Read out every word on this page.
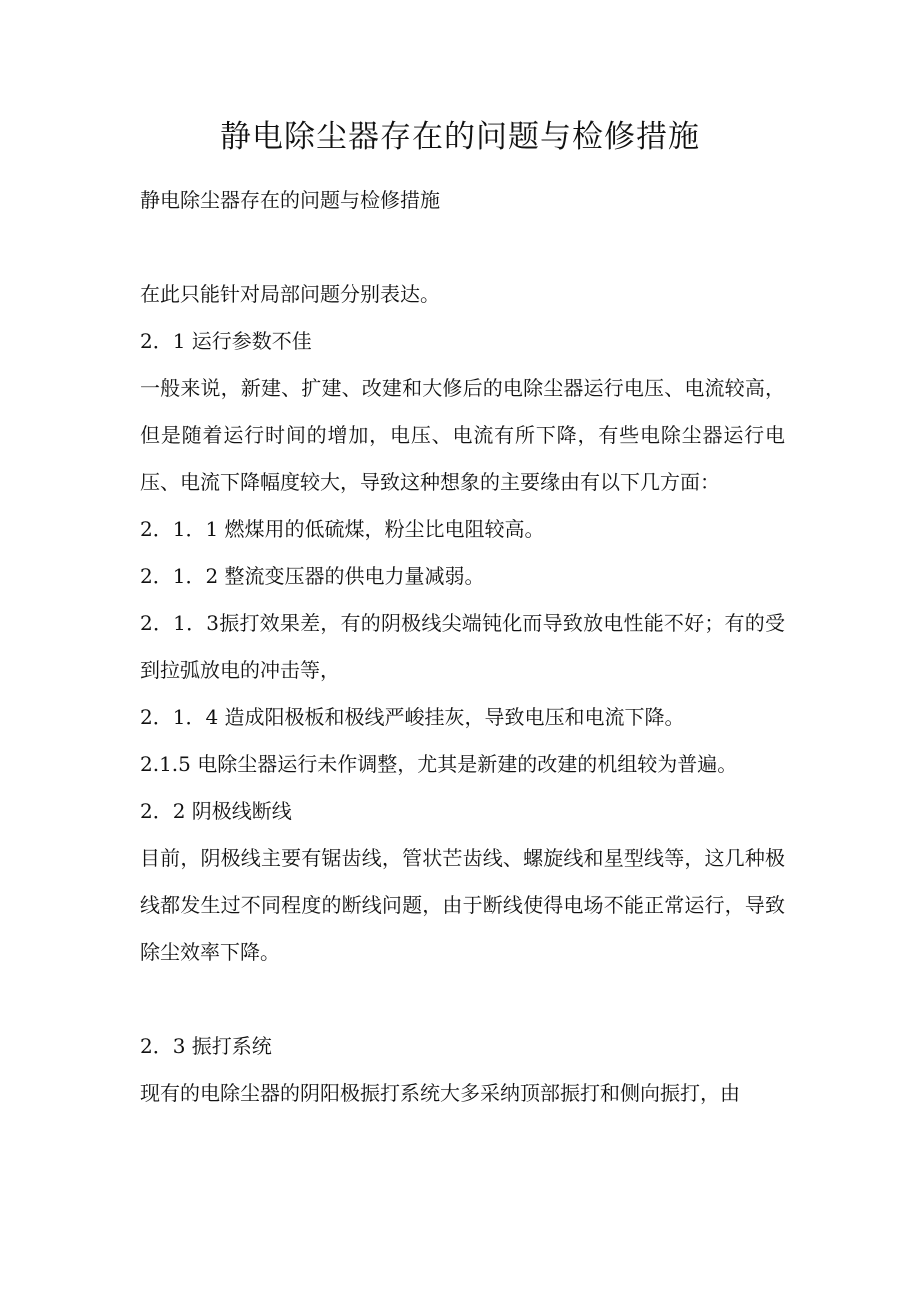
静电除尘器存在的问题与检修措施

静电除尘器存在的问题与检修措施

在此只能针对局部问题分别表达。

2．1 运行参数不佳

一般来说，新建、扩建、改建和大修后的电除尘器运行电压、电流较高，但是随着运行时间的增加，电压、电流有所下降，有些电除尘器运行电压、电流下降幅度较大，导致这种想象的主要缘由有以下几方面：

2．1．1 燃煤用的低硫煤，粉尘比电阻较高。

2．1．2 整流变压器的供电力量减弱。

2．1．3振打效果差，有的阴极线尖端钝化而导致放电性能不好；有的受到拉弧放电的冲击等，

2．1．4 造成阳极板和极线严峻挂灰，导致电压和电流下降。

2.1.5 电除尘器运行未作调整，尤其是新建的改建的机组较为普遍。

2．2 阴极线断线

目前，阴极线主要有锯齿线，管状芒齿线、螺旋线和星型线等，这几种极线都发生过不同程度的断线问题，由于断线使得电场不能正常运行，导致除尘效率下降。

2．3 振打系统

现有的电除尘器的阴阳极振打系统大多采纳顶部振打和侧向振打，由
